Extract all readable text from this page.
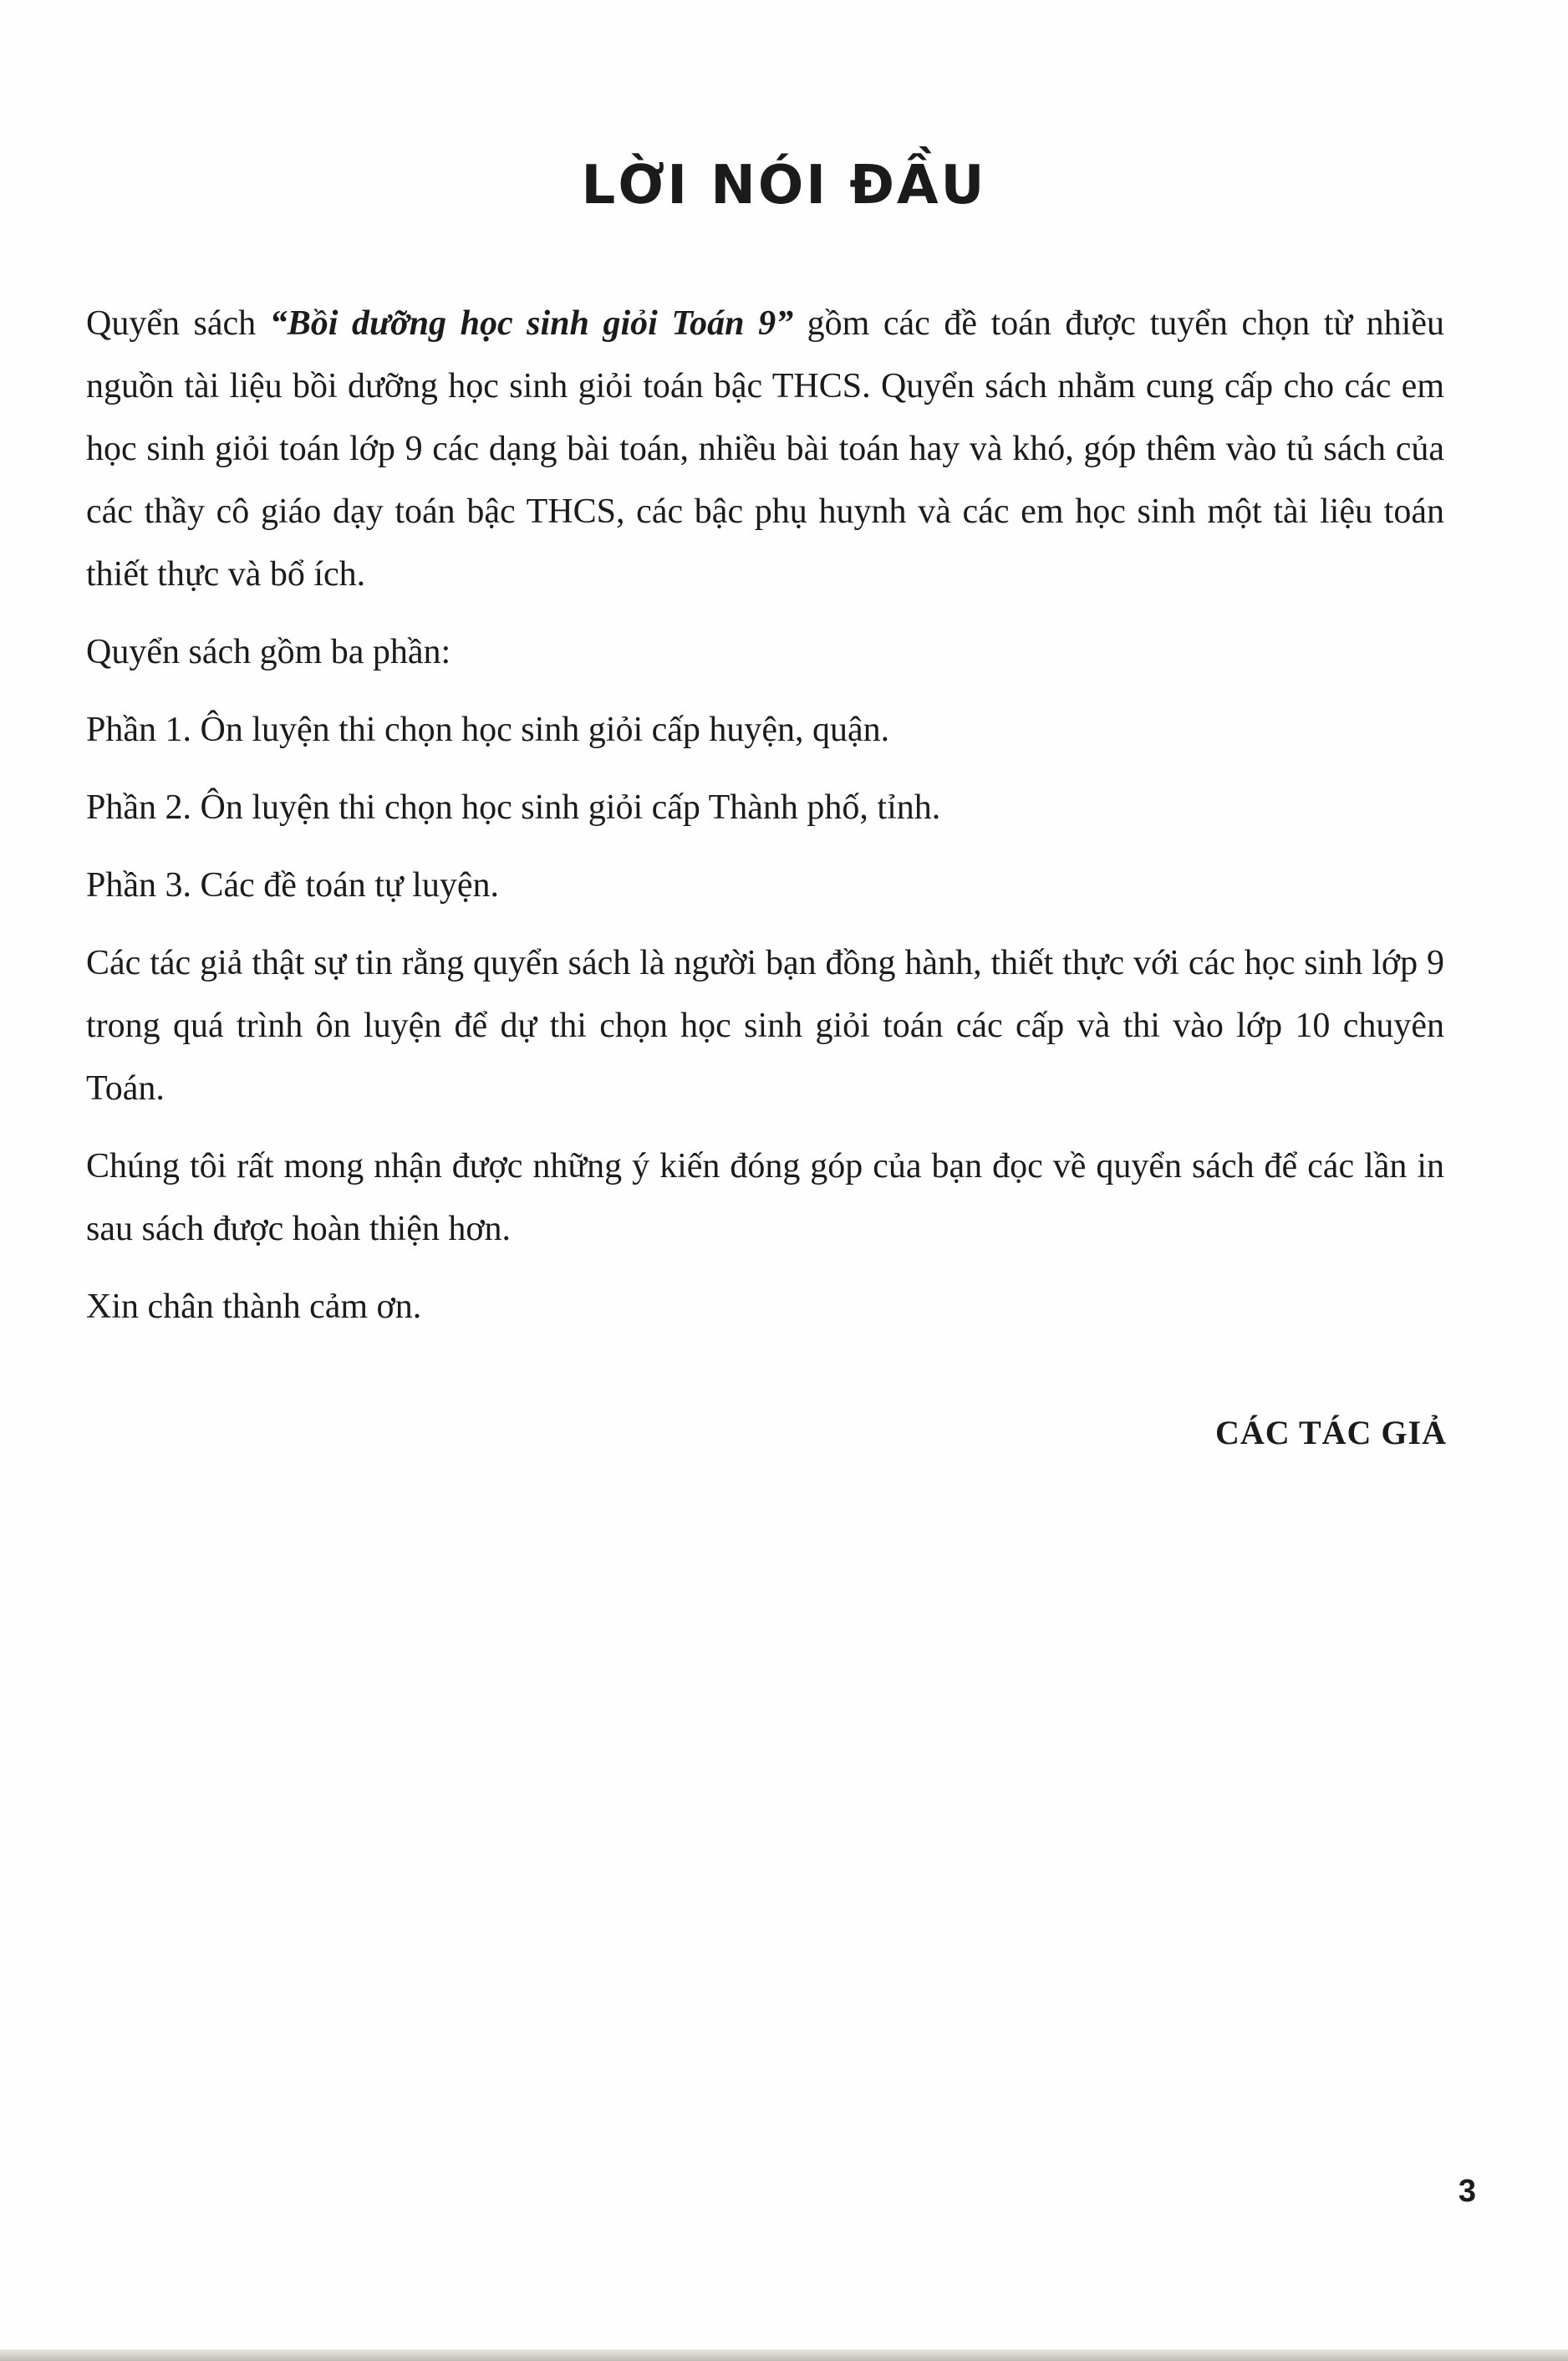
LỜI NÓI ĐẦU

Quyển sách “Bồi dưỡng học sinh giỏi Toán 9” gồm các đề toán được tuyển chọn từ nhiều nguồn tài liệu bồi dưỡng học sinh giỏi toán bậc THCS. Quyển sách nhằm cung cấp cho các em học sinh giỏi toán lớp 9 các dạng bài toán, nhiều bài toán hay và khó, góp thêm vào tủ sách của các thầy cô giáo dạy toán bậc THCS, các bậc phụ huynh và các em học sinh một tài liệu toán thiết thực và bổ ích.

Quyển sách gồm ba phần:

Phần 1. Ôn luyện thi chọn học sinh giỏi cấp huyện, quận.

Phần 2. Ôn luyện thi chọn học sinh giỏi cấp Thành phố, tỉnh.

Phần 3. Các đề toán tự luyện.

Các tác giả thật sự tin rằng quyển sách là người bạn đồng hành, thiết thực với các học sinh lớp 9 trong quá trình ôn luyện để dự thi chọn học sinh giỏi toán các cấp và thi vào lớp 10 chuyên Toán.

Chúng tôi rất mong nhận được những ý kiến đóng góp của bạn đọc về quyển sách để các lần in sau sách được hoàn thiện hơn.

Xin chân thành cảm ơn.

CÁC TÁC GIẢ

3
